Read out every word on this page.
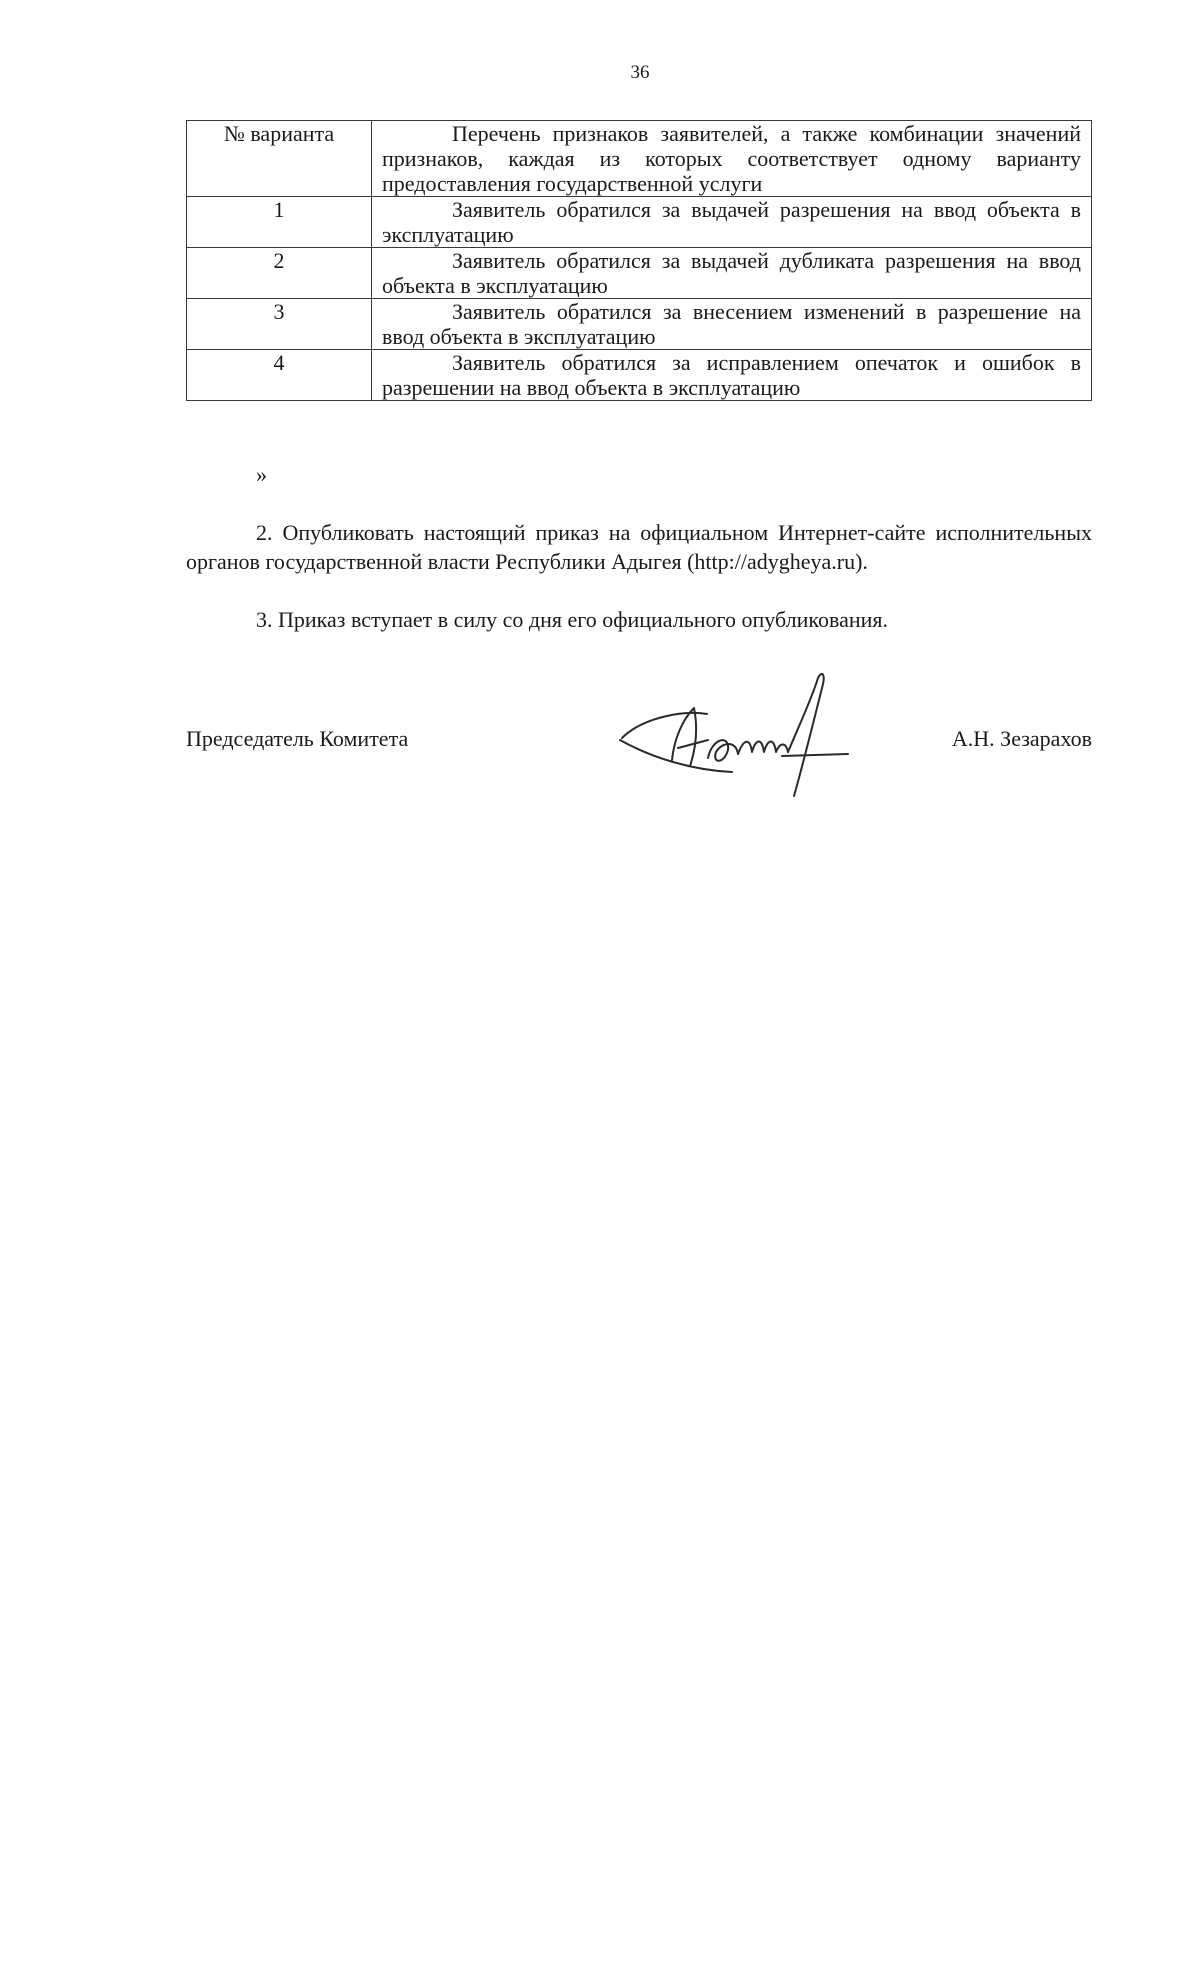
36
№ варианта	Перечень признаков заявителей, а также комбинации значений признаков, каждая из которых соответствует одному варианту предоставления государственной услуги
1	Заявитель обратился за выдачей разрешения на ввод объекта в эксплуатацию
2	Заявитель обратился за выдачей дубликата разрешения на ввод объекта в эксплуатацию
3	Заявитель обратился за внесением изменений в разрешение на ввод объекта в эксплуатацию
4	Заявитель обратился за исправлением опечаток и ошибок в разрешении на ввод объекта в эксплуатацию
»
2. Опубликовать настоящий приказ на официальном Интернет-сайте исполнительных органов государственной власти Республики Адыгея (http://adygheya.ru).
3. Приказ вступает в силу со дня его официального опубликования.
Председатель Комитета	А.Н. Зезарахов
